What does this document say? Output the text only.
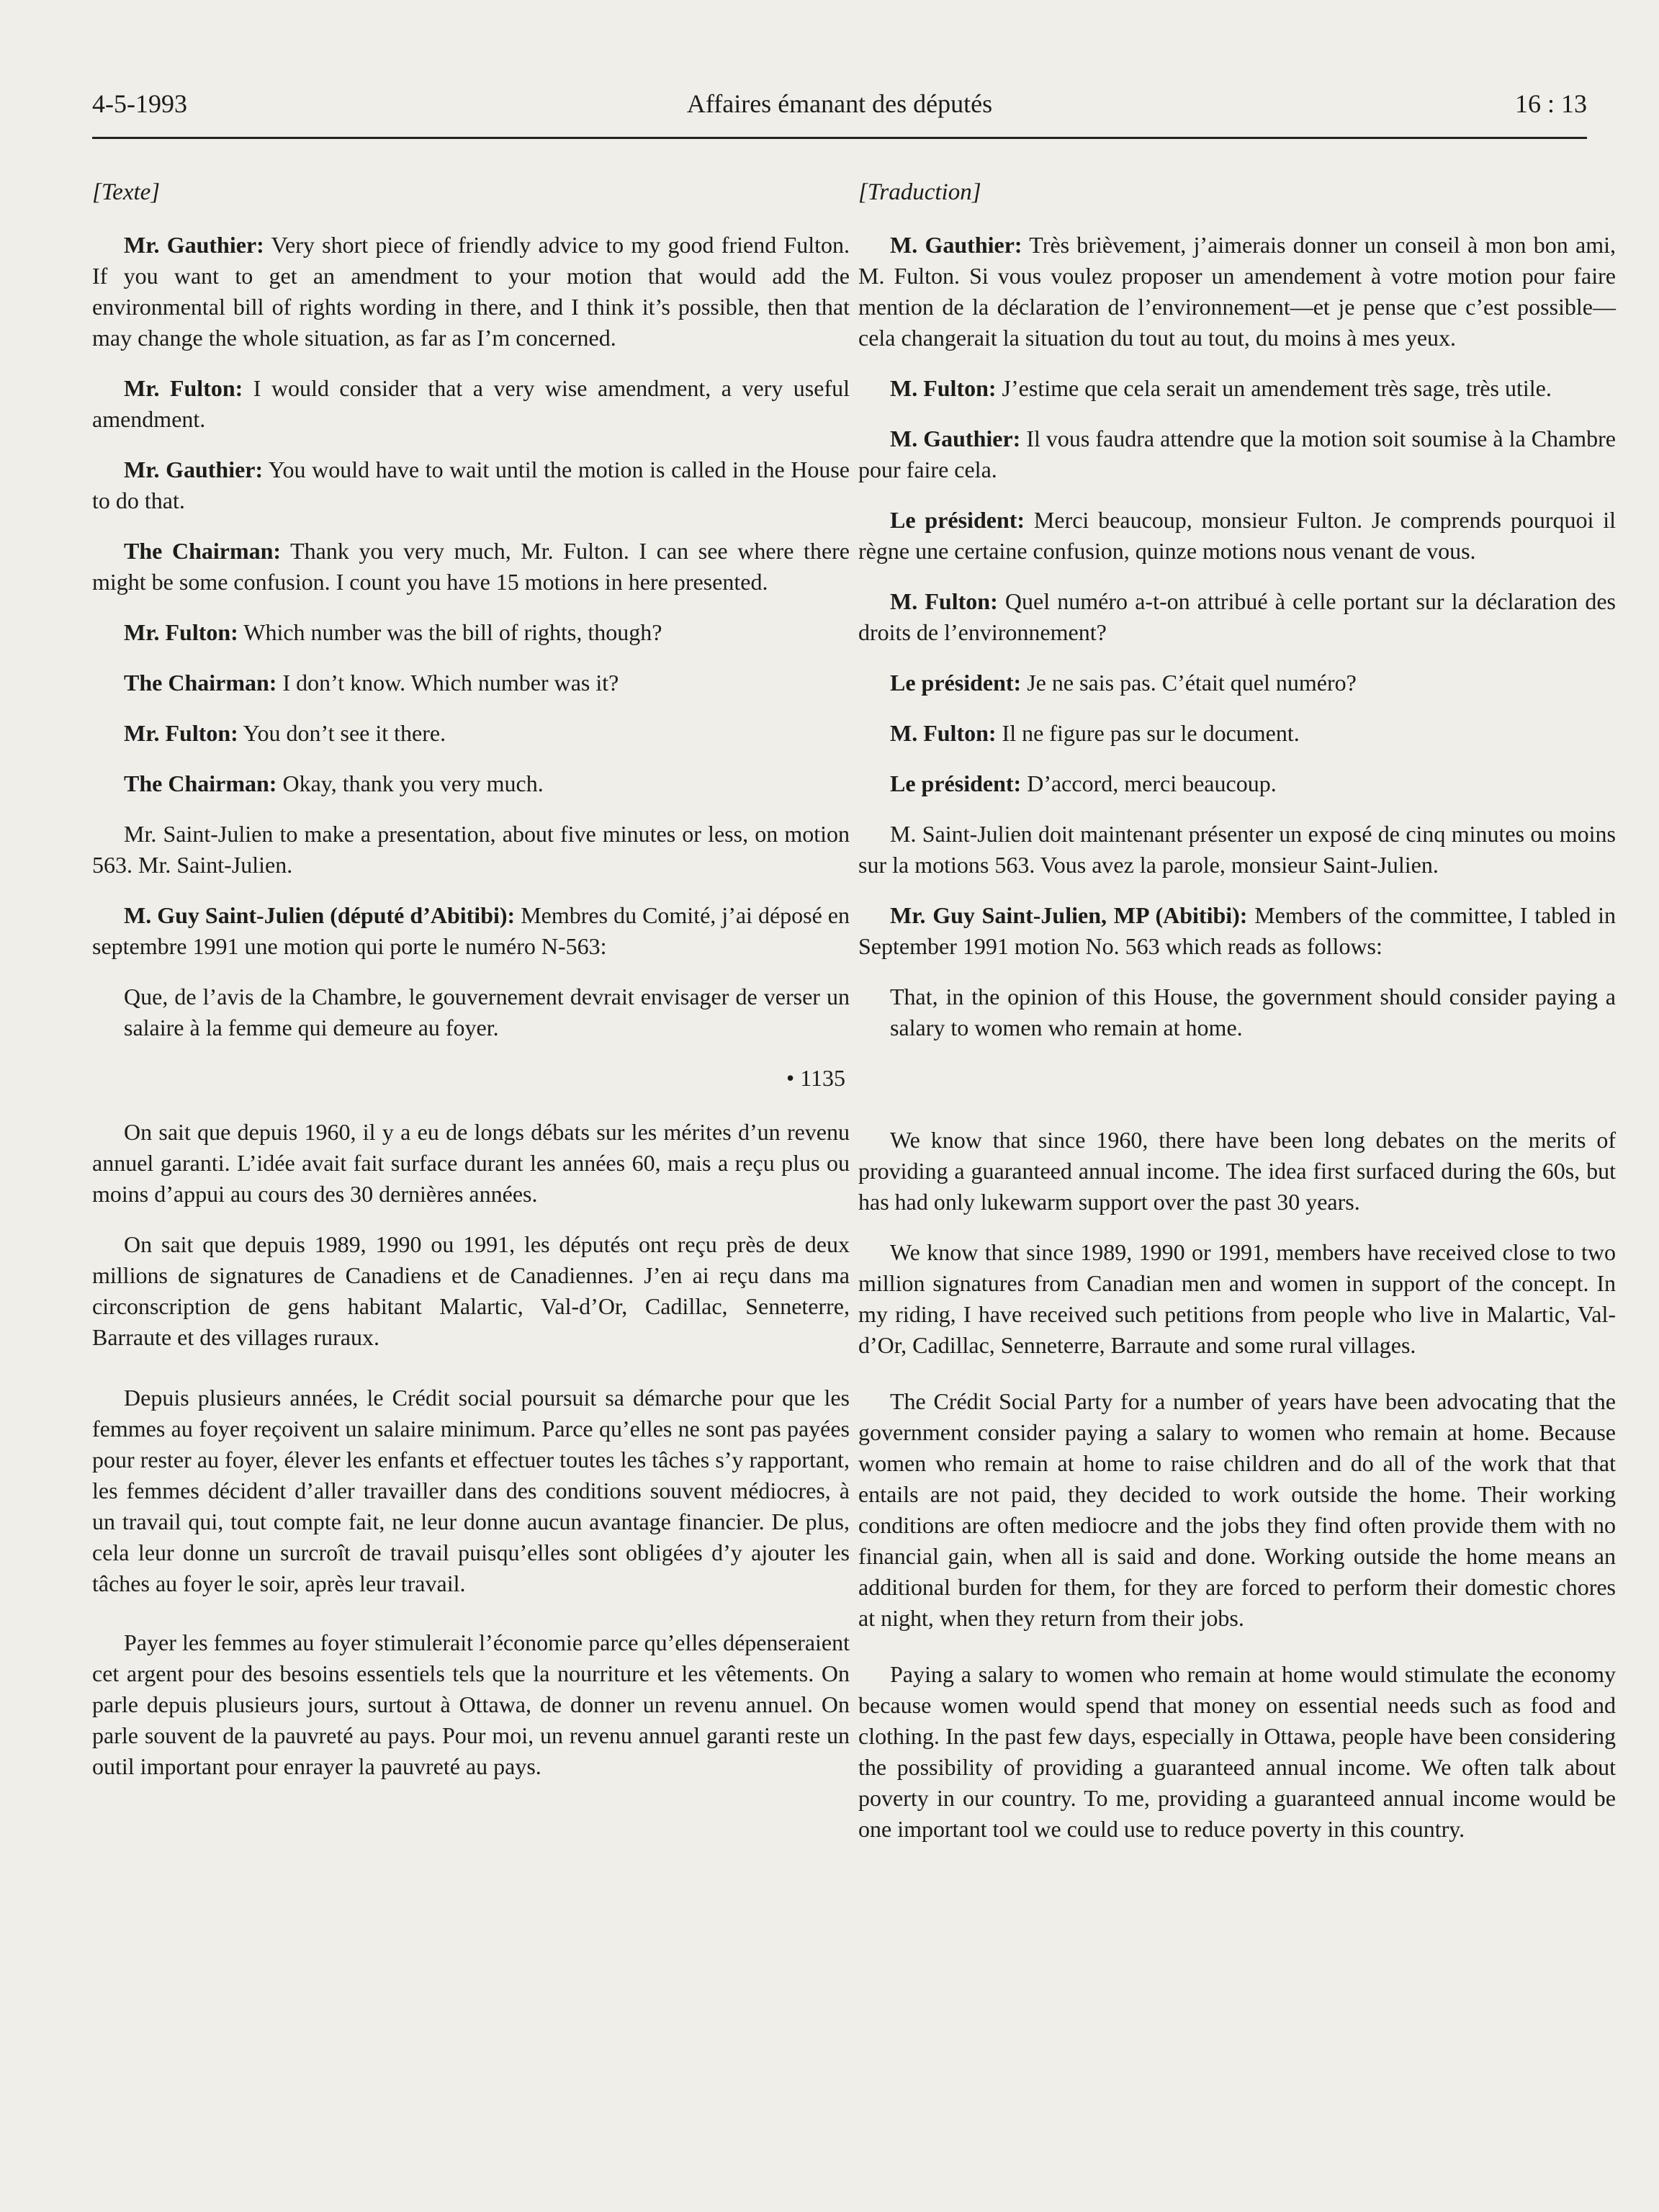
4-5-1993	Affaires émanant des députés	16 : 13

[Texte]

Mr. Gauthier: Very short piece of friendly advice to my good friend Fulton. If you want to get an amendment to your motion that would add the environmental bill of rights wording in there, and I think it’s possible, then that may change the whole situation, as far as I’m concerned.

Mr. Fulton: I would consider that a very wise amendment, a very useful amendment.

Mr. Gauthier: You would have to wait until the motion is called in the House to do that.

The Chairman: Thank you very much, Mr. Fulton. I can see where there might be some confusion. I count you have 15 motions in here presented.

Mr. Fulton: Which number was the bill of rights, though?

The Chairman: I don’t know. Which number was it?

Mr. Fulton: You don’t see it there.

The Chairman: Okay, thank you very much.

Mr. Saint-Julien to make a presentation, about five minutes or less, on motion 563. Mr. Saint-Julien.

M. Guy Saint-Julien (député d’Abitibi): Membres du Comité, j’ai déposé en septembre 1991 une motion qui porte le numéro N-563:

Que, de l’avis de la Chambre, le gouvernement devrait envisager de verser un salaire à la femme qui demeure au foyer.

• 1135

On sait que depuis 1960, il y a eu de longs débats sur les mérites d’un revenu annuel garanti. L’idée avait fait surface durant les années 60, mais a reçu plus ou moins d’appui au cours des 30 dernières années.

On sait que depuis 1989, 1990 ou 1991, les députés ont reçu près de deux millions de signatures de Canadiens et de Canadiennes. J’en ai reçu dans ma circonscription de gens habitant Malartic, Val-d’Or, Cadillac, Senneterre, Barraute et des villages ruraux.

Depuis plusieurs années, le Crédit social poursuit sa démarche pour que les femmes au foyer reçoivent un salaire minimum. Parce qu’elles ne sont pas payées pour rester au foyer, élever les enfants et effectuer toutes les tâches s’y rapportant, les femmes décident d’aller travailler dans des conditions souvent médiocres, à un travail qui, tout compte fait, ne leur donne aucun avantage financier. De plus, cela leur donne un surcroît de travail puisqu’elles sont obligées d’y ajouter les tâches au foyer le soir, après leur travail.

Payer les femmes au foyer stimulerait l’économie parce qu’elles dépenseraient cet argent pour des besoins essentiels tels que la nourriture et les vêtements. On parle depuis plusieurs jours, surtout à Ottawa, de donner un revenu annuel. On parle souvent de la pauvreté au pays. Pour moi, un revenu annuel garanti reste un outil important pour enrayer la pauvreté au pays.

[Traduction]

M. Gauthier: Très brièvement, j’aimerais donner un conseil à mon bon ami, M. Fulton. Si vous voulez proposer un amendement à votre motion pour faire mention de la déclaration de l’environnement—et je pense que c’est possible—cela changerait la situation du tout au tout, du moins à mes yeux.

M. Fulton: J’estime que cela serait un amendement très sage, très utile.

M. Gauthier: Il vous faudra attendre que la motion soit soumise à la Chambre pour faire cela.

Le président: Merci beaucoup, monsieur Fulton. Je comprends pourquoi il règne une certaine confusion, quinze motions nous venant de vous.

M. Fulton: Quel numéro a-t-on attribué à celle portant sur la déclaration des droits de l’environnement?

Le président: Je ne sais pas. C’était quel numéro?

M. Fulton: Il ne figure pas sur le document.

Le président: D’accord, merci beaucoup.

M. Saint-Julien doit maintenant présenter un exposé de cinq minutes ou moins sur la motions 563. Vous avez la parole, monsieur Saint-Julien.

Mr. Guy Saint-Julien, MP (Abitibi): Members of the committee, I tabled in September 1991 motion No. 563 which reads as follows:

That, in the opinion of this House, the government should consider paying a salary to women who remain at home.

We know that since 1960, there have been long debates on the merits of providing a guaranteed annual income. The idea first surfaced during the 60s, but has had only lukewarm support over the past 30 years.

We know that since 1989, 1990 or 1991, members have received close to two million signatures from Canadian men and women in support of the concept. In my riding, I have received such petitions from people who live in Malartic, Val-d’Or, Cadillac, Senneterre, Barraute and some rural villages.

The Crédit Social Party for a number of years have been advocating that the government consider paying a salary to women who remain at home. Because women who remain at home to raise children and do all of the work that that entails are not paid, they decided to work outside the home. Their working conditions are often mediocre and the jobs they find often provide them with no financial gain, when all is said and done. Working outside the home means an additional burden for them, for they are forced to perform their domestic chores at night, when they return from their jobs.

Paying a salary to women who remain at home would stimulate the economy because women would spend that money on essential needs such as food and clothing. In the past few days, especially in Ottawa, people have been considering the possibility of providing a guaranteed annual income. We often talk about poverty in our country. To me, providing a guaranteed annual income would be one important tool we could use to reduce poverty in this country.
